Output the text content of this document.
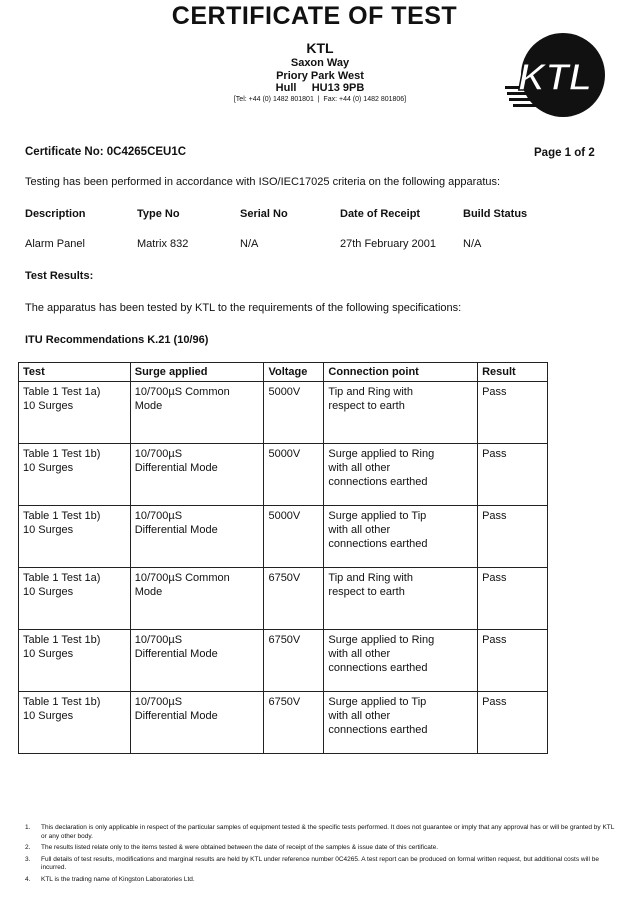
CERTIFICATE OF TEST
KTL
Saxon Way
Priory Park West
Hull     HU13 9PB
[Tel: +44 (0) 1482 801801  |  Fax: +44 (0) 1482 801806]	KTL
Certificate No: 0C4265CEU1C	Page 1 of 2
Testing has been performed in accordance with ISO/IEC17025 criteria on the following apparatus:
Description	Type No	Serial No	Date of Receipt	Build Status
Alarm Panel	Matrix 832	N/A	27th February 2001 N/A
Test Results:
The apparatus has been tested by KTL to the requirements of the following specifications:
ITU Recommendations K.21 (10/96)
Test	Surge applied	Voltage	Connection point	Result
Table 1 Test 1a)
10 Surges	10/700µS Common
Mode	5000V	Tip and Ring with
respect to earth	Pass
Table 1 Test 1b)
10 Surges	10/700µS
Differential Mode	5000V	Surge applied to Ring
with all other
connections earthed	Pass
Table 1 Test 1b)
10 Surges	10/700µS
Differential Mode	5000V	Surge applied to Tip
with all other
connections earthed	Pass
Table 1 Test 1a)
10 Surges	10/700µS Common
Mode	6750V	Tip and Ring with
respect to earth	Pass
Table 1 Test 1b)
10 Surges	10/700µS
Differential Mode	6750V	Surge applied to Ring
with all other
connections earthed	Pass
Table 1 Test 1b)
10 Surges	10/700µS
Differential Mode	6750V	Surge applied to Tip
with all other
connections earthed	Pass
1.	This declaration is only applicable in respect of the particular samples of equipment tested & the specific tests performed. It does not guarantee or imply that any approval has or will be granted by KTL or any other body.
2.	The results listed relate only to the items tested & were obtained between the date of receipt of the samples & issue date of this certificate.
3.	Full details of test results, modifications and marginal results are held by KTL under reference number 0C4265. A test report can be produced on formal written request, but additional costs will be incurred.
4.	KTL is the trading name of Kingston Laboratories Ltd.
